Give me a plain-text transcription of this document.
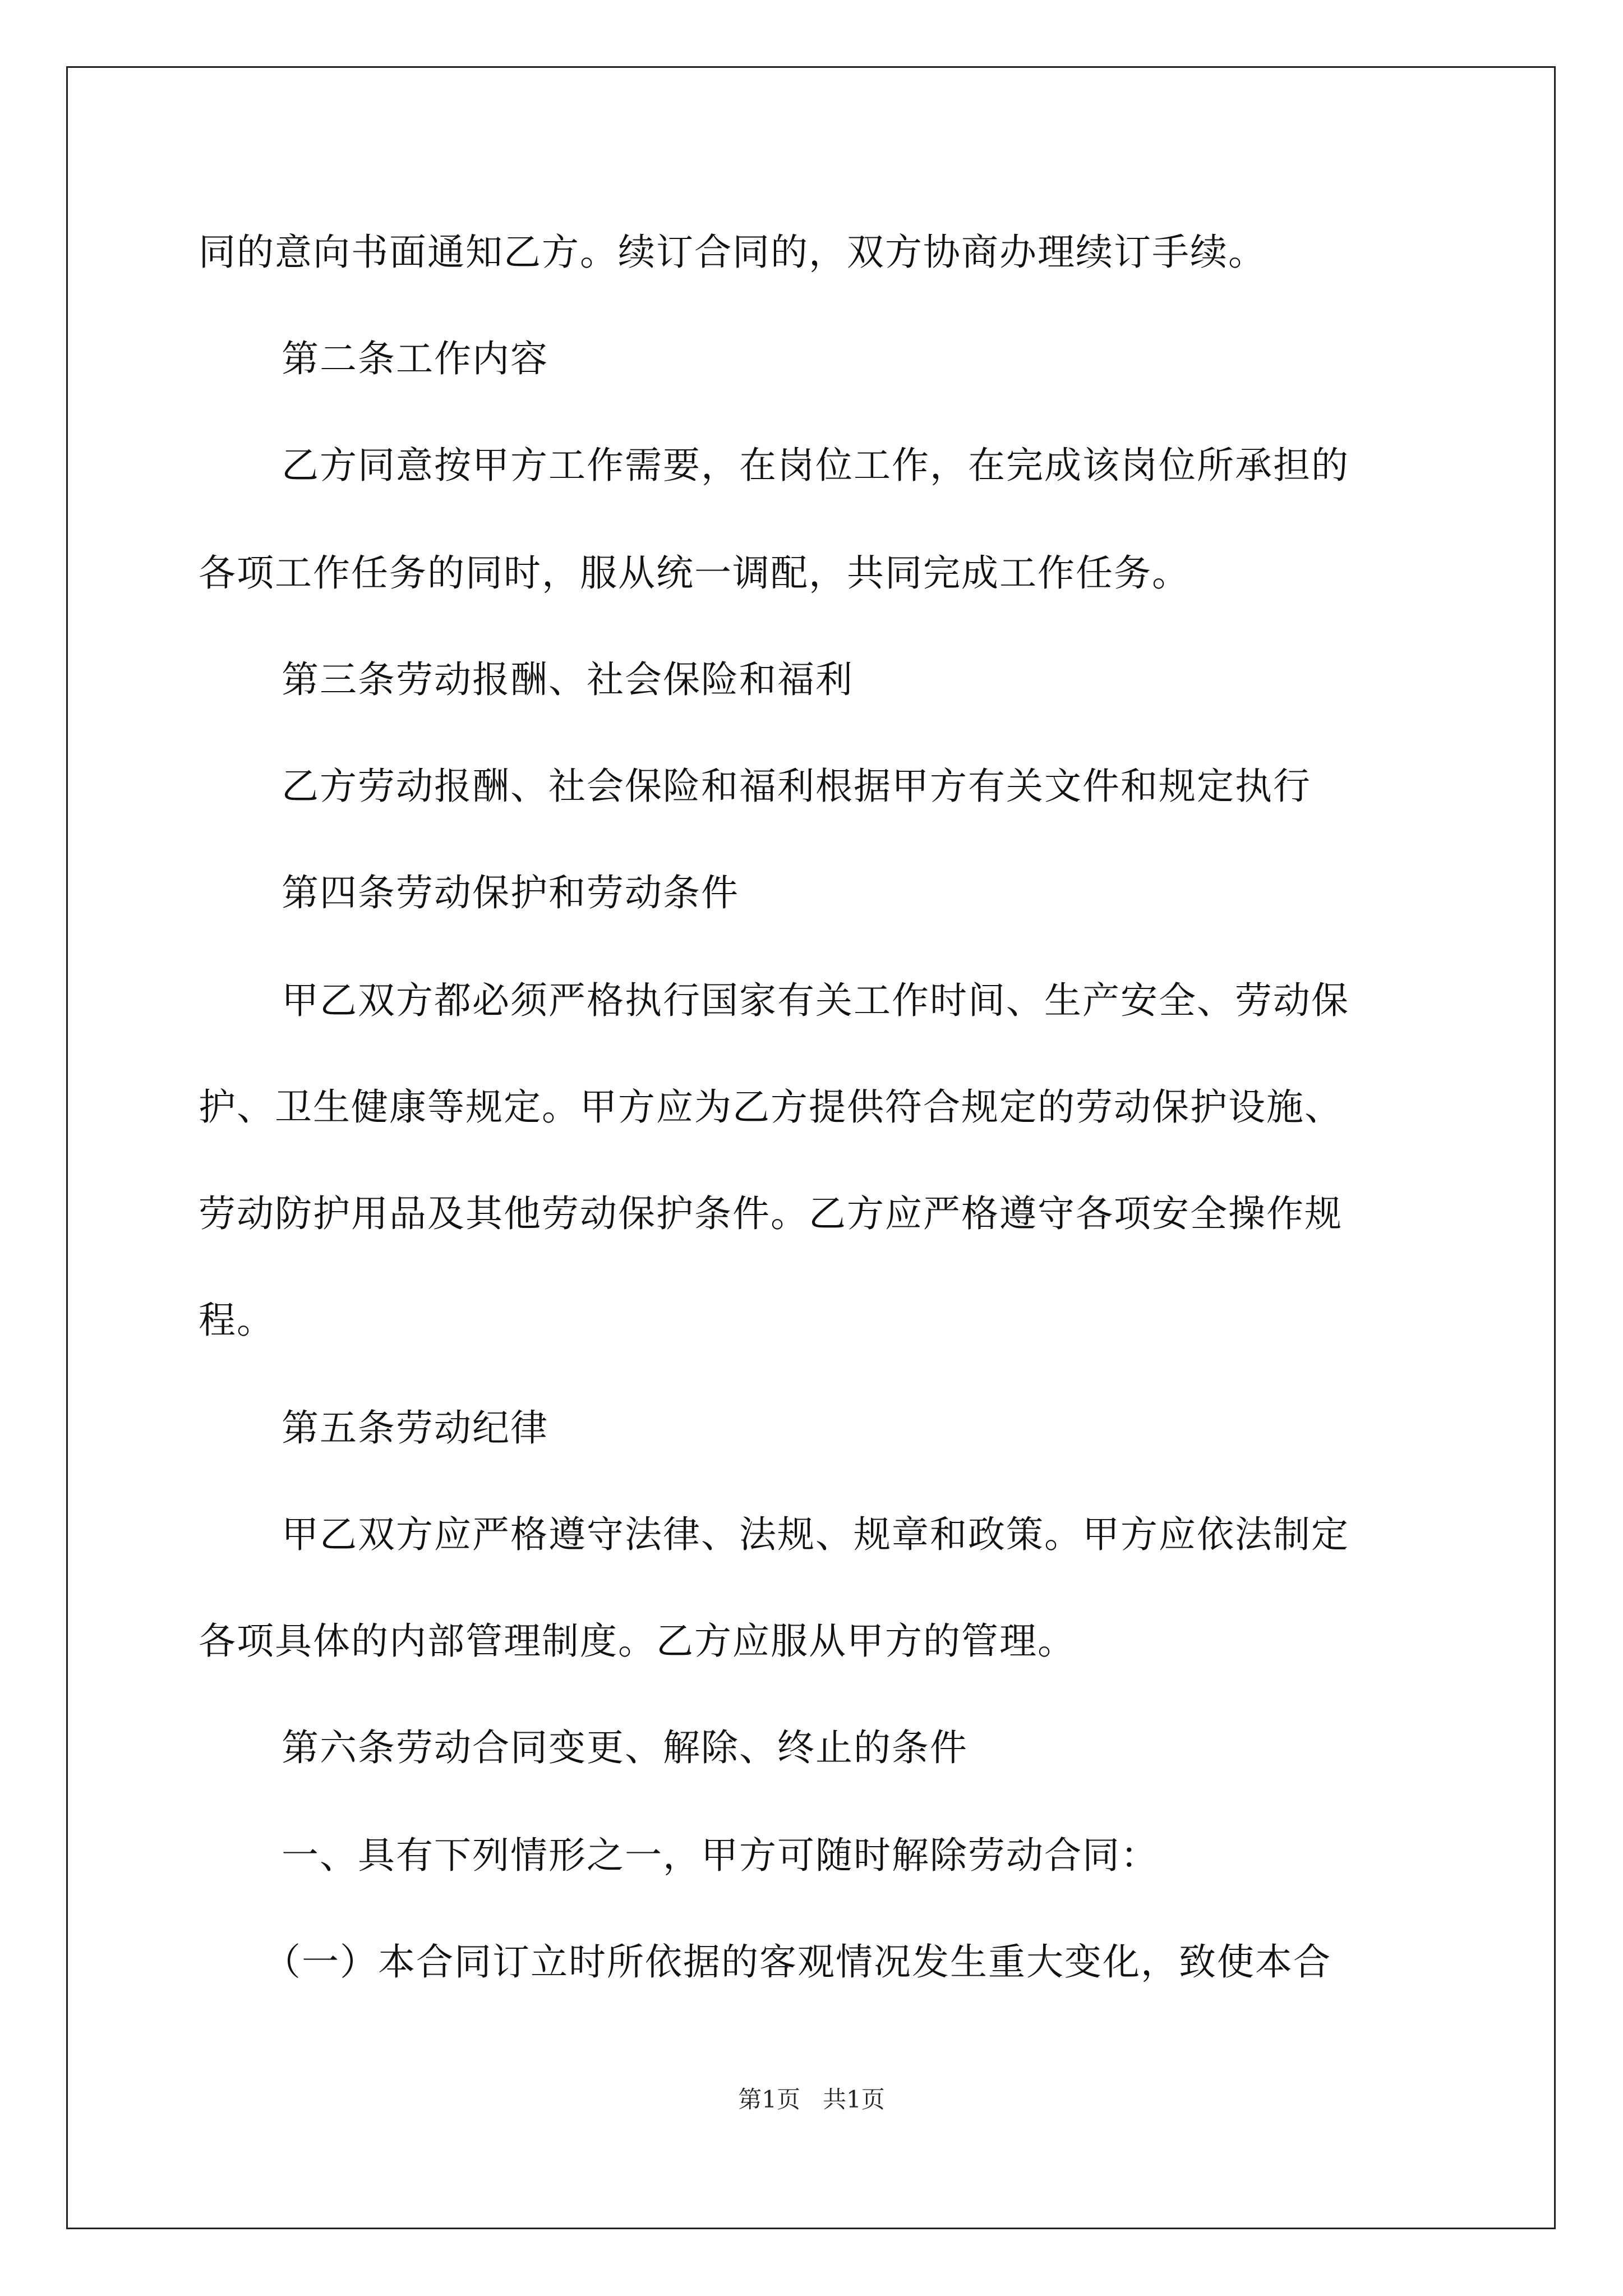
同的意向书面通知乙方。续订合同的，双方协商办理续订手续。
第二条工作内容
乙方同意按甲方工作需要，在岗位工作，在完成该岗位所承担的
各项工作任务的同时，服从统一调配，共同完成工作任务。
第三条劳动报酬、社会保险和福利
乙方劳动报酬、社会保险和福利根据甲方有关文件和规定执行
第四条劳动保护和劳动条件
甲乙双方都必须严格执行国家有关工作时间、生产安全、劳动保
护、卫生健康等规定。甲方应为乙方提供符合规定的劳动保护设施、
劳动防护用品及其他劳动保护条件。乙方应严格遵守各项安全操作规
程。
第五条劳动纪律
甲乙双方应严格遵守法律、法规、规章和政策。甲方应依法制定
各项具体的内部管理制度。乙方应服从甲方的管理。
第六条劳动合同变更、解除、终止的条件
一、具有下列情形之一，甲方可随时解除劳动合同：
（一）本合同订立时所依据的客观情况发生重大变化，致使本合
第1页 共1页
